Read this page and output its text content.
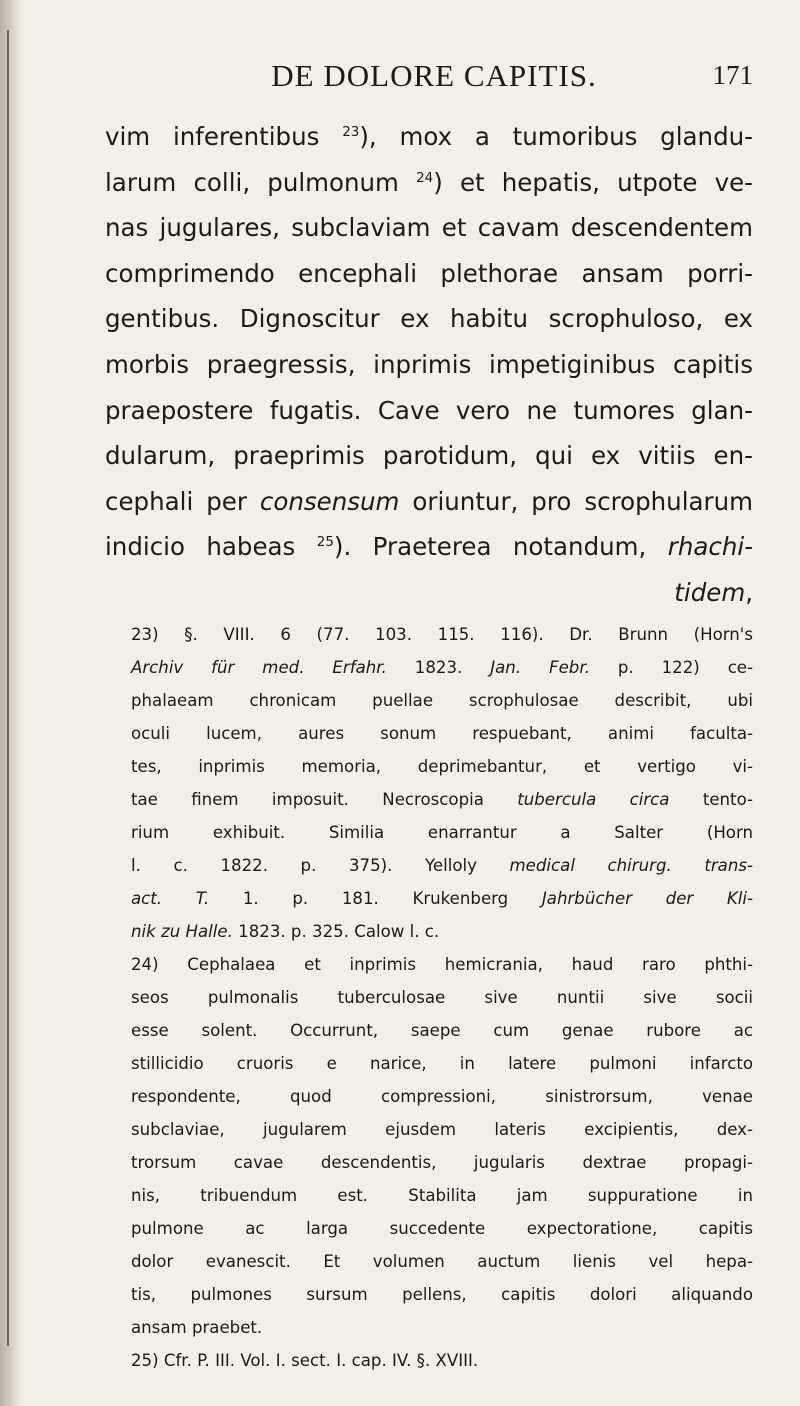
DE DOLORE CAPITIS.	171
vim inferentibus $^{23}$), mox a tumoribus glandu-
larum colli, pulmonum $^{24}$) et hepatis, utpote ve-
nas jugulares, subclaviam et cavam descendentem
comprimendo encephali plethorae ansam porri-
gentibus. Dignoscitur ex habitu scrophuloso, ex
morbis praegressis, inprimis impetiginibus capitis
praepostere fugatis. Cave vero ne tumores glan-
dularum, praeprimis parotidum, qui ex vitiis en-
cephali per consensum oriuntur, pro scrophularum
indicio habeas $^{25}$). Praeterea notandum, rhachi-
tidem,
23) §. VIII. 6 (77. 103. 115. 116). Dr. Brunn (Horn's
Archiv für med. Erfahr. 1823. Jan. Febr. p. 122) ce-
phalaeam chronicam puellae scrophulosae describit, ubi
oculi lucem, aures sonum respuebant, animi faculta-
tes, inprimis memoria, deprimebantur, et vertigo vi-
tae finem imposuit. Necroscopia tubercula circa tento-
rium exhibuit. Similia enarrantur a Salter (Horn
l. c. 1822. p. 375). Yelloly medical chirurg. trans-
act. T. 1. p. 181. Krukenberg Jahrbücher der Kli-
nik zu Halle. 1823. p. 325. Calow l. c.
24) Cephalaea et inprimis hemicrania, haud raro phthi-
seos pulmonalis tuberculosae sive nuntii sive socii
esse solent. Occurrunt, saepe cum genae rubore ac
stillicidio cruoris e narice, in latere pulmoni infarcto
respondente, quod compressioni, sinistrorsum, venae
subclaviae, jugularem ejusdem lateris excipientis, dex-
trorsum cavae descendentis, jugularis dextrae propagi-
nis, tribuendum est. Stabilita jam suppuratione in
pulmone ac larga succedente expectoratione, capitis
dolor evanescit. Et volumen auctum lienis vel hepa-
tis, pulmones sursum pellens, capitis dolori aliquando
ansam praebet.
25) Cfr. P. III. Vol. I. sect. I. cap. IV. §. XVIII.
